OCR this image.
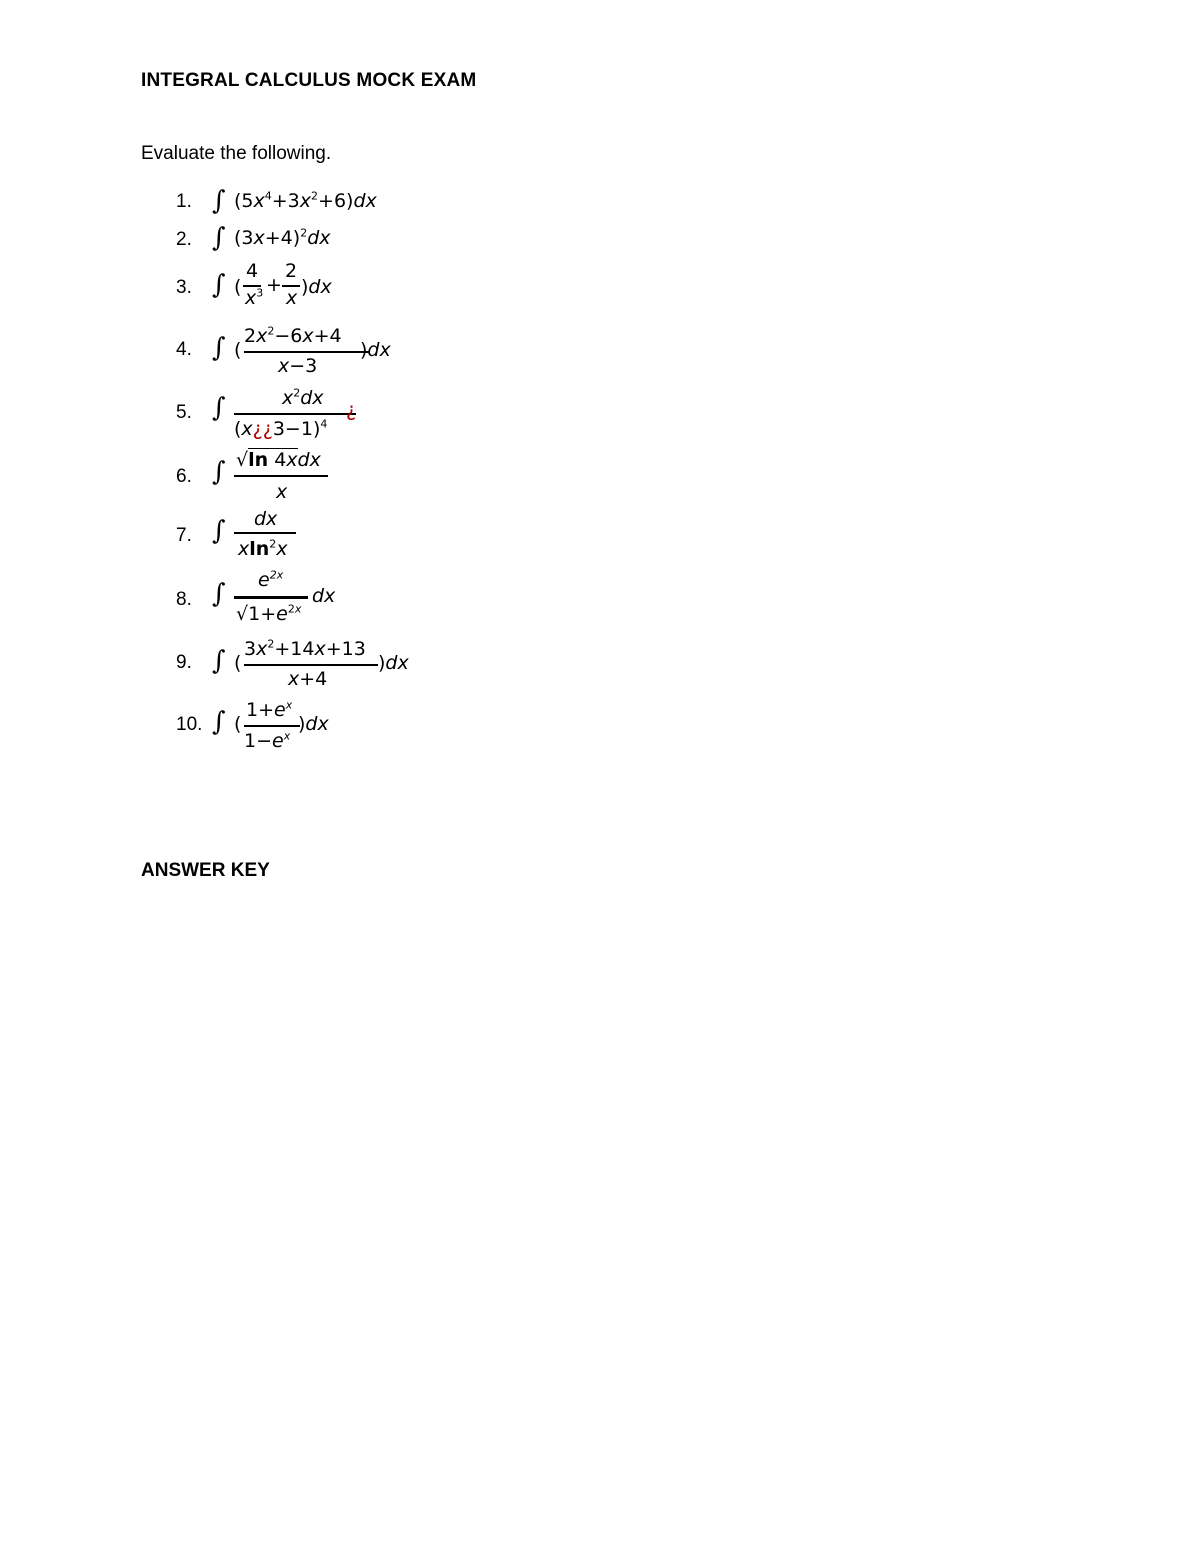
INTEGRAL CALCULUS MOCK EXAM
Evaluate the following.
1. ∫ $(5x^4+3x^2+6)dx$
2. ∫ $(3x+4)^2dx$
3. ∫ (
4
$x^3$ +
2
x )dx
4. ∫ (
$2x^2-6x+4$
x−3
)dx
5. ∫	$x^2dx$
(x¿¿3−1)$^4$
¿
6. ∫ √ln 4xdx
x
7. ∫ dx
xln$^2$x
8. ∫ $e^{2x}$
$√1+e^{2x}$
dx
9. ∫ (
$3x^2+14x+13$
x+4
)dx
10. ∫ (
$1+e^x$
$1-e^x$
)dx
ANSWER KEY
